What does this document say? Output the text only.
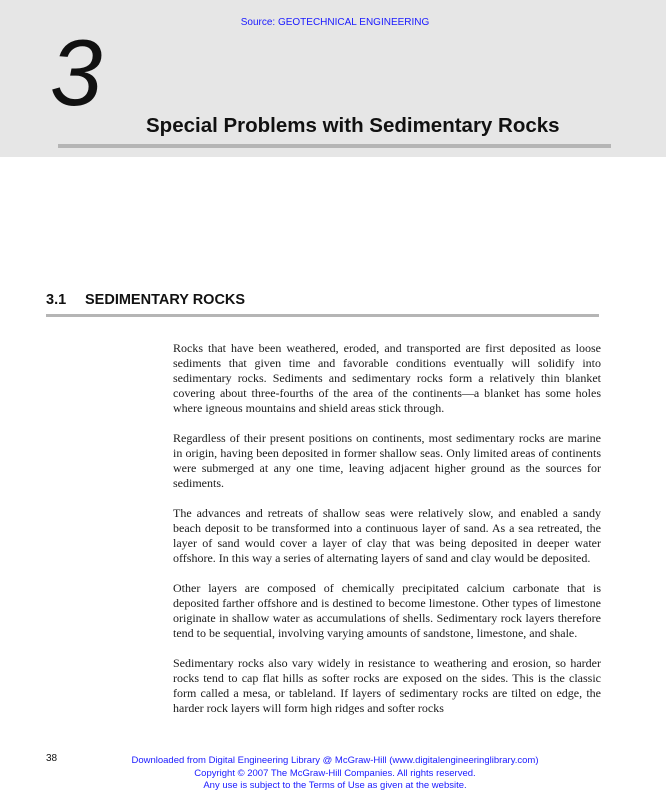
Source: GEOTECHNICAL ENGINEERING
3
Special Problems with Sedimentary Rocks
3.1 SEDIMENTARY ROCKS

Rocks that have been weathered, eroded, and transported are first deposited as loose sediments that given time and favorable conditions eventually will solidify into sedimentary rocks. Sediments and sedimentary rocks form a relatively thin blanket covering about three-fourths of the area of the continents—a blanket has some holes where igneous mountains and shield areas stick through.

Regardless of their present positions on continents, most sedimentary rocks are marine in origin, having been deposited in former shallow seas. Only limited areas of continents were submerged at any one time, leaving adjacent higher ground as the sources for sediments.

The advances and retreats of shallow seas were relatively slow, and enabled a sandy beach deposit to be transformed into a continuous layer of sand. As a sea retreated, the layer of sand would cover a layer of clay that was being deposited in deeper water offshore. In this way a series of alternating layers of sand and clay would be deposited.

Other layers are composed of chemically precipitated calcium carbonate that is deposited farther offshore and is destined to become limestone. Other types of limestone originate in shallow water as accumulations of shells. Sedimentary rock layers therefore tend to be sequential, involving varying amounts of sandstone, limestone, and shale.

Sedimentary rocks also vary widely in resistance to weathering and erosion, so harder rocks tend to cap flat hills as softer rocks are exposed on the sides. This is the classic form called a mesa, or tableland. If layers of sedimentary rocks are tilted on edge, the harder rock layers will form high ridges and softer rocks

38	Downloaded from Digital Engineering Library @ McGraw-Hill (www.digitalengineeringlibrary.com)
Copyright © 2007 The McGraw-Hill Companies. All rights reserved.
Any use is subject to the Terms of Use as given at the website.
